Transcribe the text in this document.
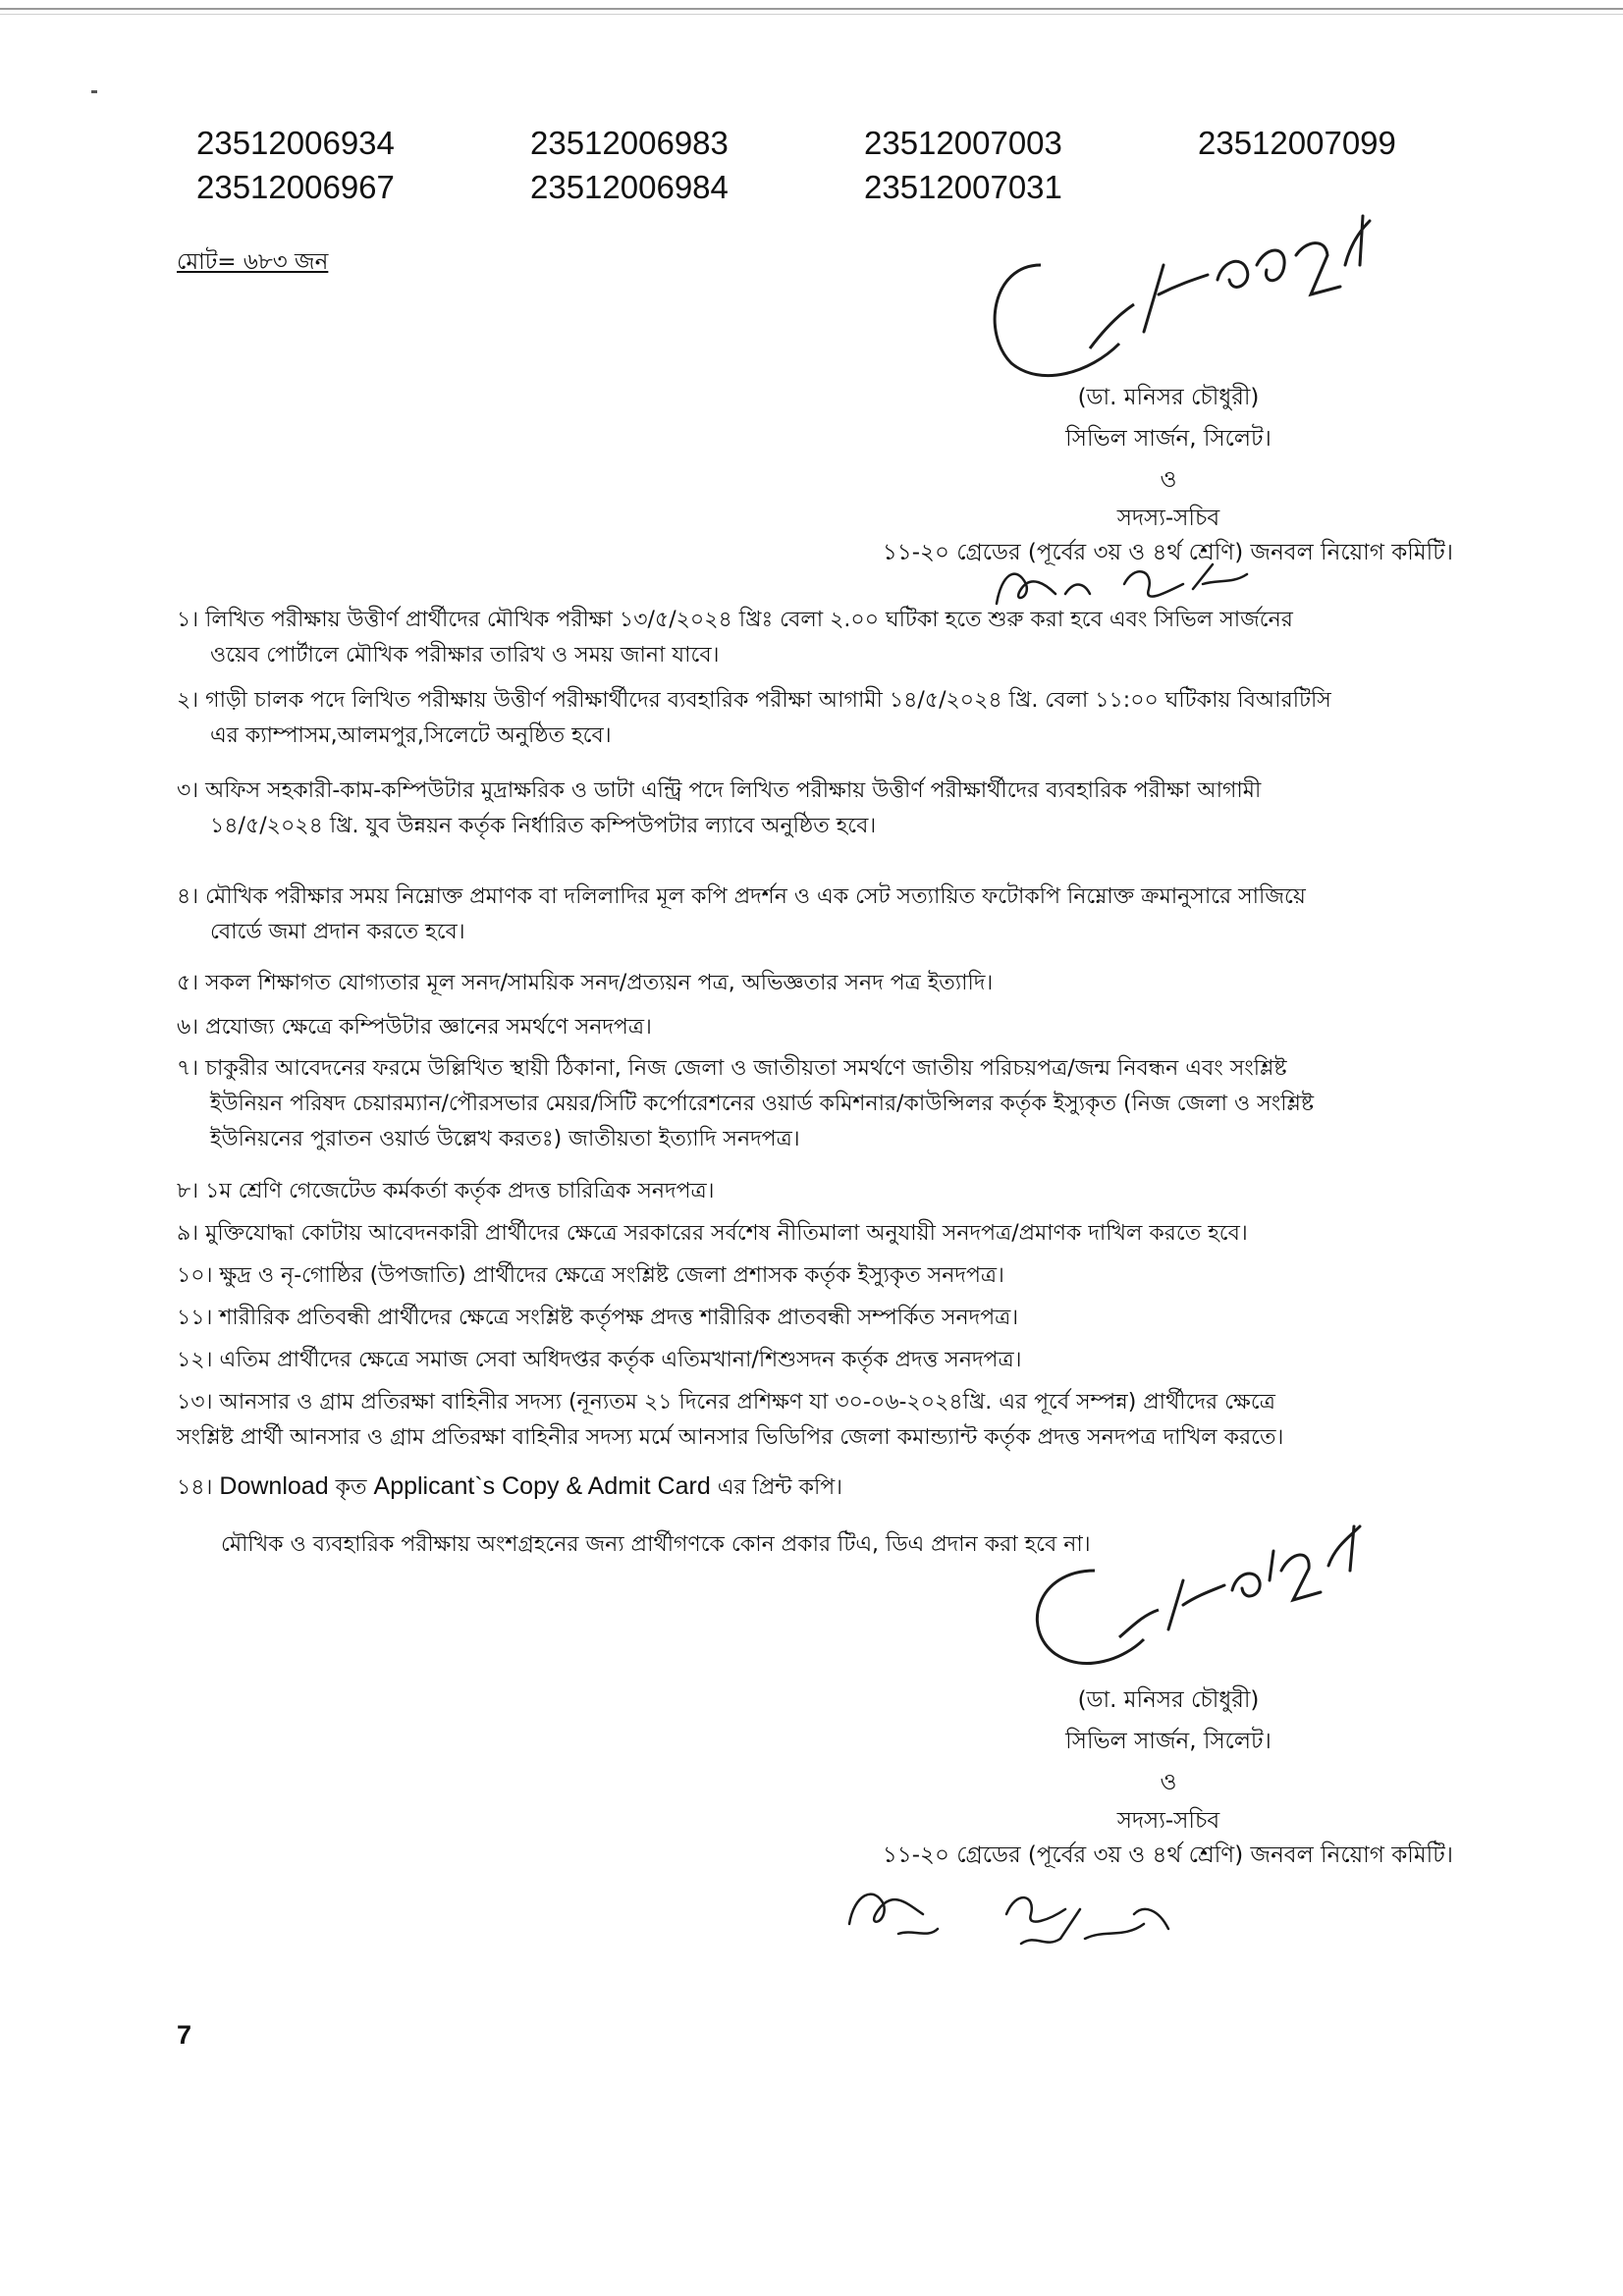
23512006934	23512006983	23512007003	23512007099
23512006967	23512006984	23512007031
মোট= ৬৮৩ জন
(ডা. মনিসর চৌধুরী)
সিভিল সার্জন, সিলেট।
ও
সদস্য-সচিব
১১-২০ গ্রেডের (পূর্বের ৩য় ও ৪র্থ শ্রেণি) জনবল নিয়োগ কমিটি।
১। লিখিত পরীক্ষায় উত্তীর্ণ প্রার্থীদের মৌখিক পরীক্ষা ১৩/৫/২০২৪ খ্রিঃ বেলা ২.০০ ঘটিকা হতে শুরু করা হবে এবং সিভিল সার্জনের
ওয়েব পোর্টালে মৌখিক পরীক্ষার তারিখ ও সময় জানা যাবে।
২। গাড়ী চালক পদে লিখিত পরীক্ষায় উত্তীর্ণ পরীক্ষার্থীদের ব্যবহারিক পরীক্ষা আগামী ১৪/৫/২০২৪ খ্রি. বেলা ১১:০০ ঘটিকায় বিআরটিসি
এর ক্যাম্পাসম,আলমপুর,সিলেটে অনুষ্ঠিত হবে।
৩। অফিস সহকারী-কাম-কম্পিউটার মুদ্রাক্ষরিক ও ডাটা এন্ট্রি পদে লিখিত পরীক্ষায় উত্তীর্ণ পরীক্ষার্থীদের ব্যবহারিক পরীক্ষা আগামী
১৪/৫/২০২৪ খ্রি. যুব উন্নয়ন কর্তৃক নির্ধারিত কম্পিউপটার ল্যাবে অনুষ্ঠিত হবে।
৪। মৌখিক পরীক্ষার সময় নিম্নোক্ত প্রমাণক বা দলিলাদির মূল কপি প্রদর্শন ও এক সেট সত্যায়িত ফটোকপি নিম্নোক্ত ক্রমানুসারে সাজিয়ে
বোর্ডে জমা প্রদান করতে হবে।
৫। সকল শিক্ষাগত যোগ্যতার মূল সনদ/সাময়িক সনদ/প্রত্যয়ন পত্র, অভিজ্ঞতার সনদ পত্র ইত্যাদি।
৬। প্রযোজ্য ক্ষেত্রে কম্পিউটার জ্ঞানের সমর্থণে সনদপত্র।
৭। চাকুরীর আবেদনের ফরমে উল্লিখিত স্থায়ী ঠিকানা, নিজ জেলা ও জাতীয়তা সমর্থণে জাতীয় পরিচয়পত্র/জন্ম নিবন্ধন এবং সংশ্লিষ্ট
ইউনিয়ন পরিষদ চেয়ারম্যান/পৌরসভার মেয়র/সিটি কর্পোরেশনের ওয়ার্ড কমিশনার/কাউন্সিলর কর্তৃক ইস্যুকৃত (নিজ জেলা ও সংশ্লিষ্ট
ইউনিয়নের পুরাতন ওয়ার্ড উল্লেখ করতঃ) জাতীয়তা ইত্যাদি সনদপত্র।
৮। ১ম শ্রেণি গেজেটেড কর্মকর্তা কর্তৃক প্রদত্ত চারিত্রিক সনদপত্র।
৯। মুক্তিযোদ্ধা কোটায় আবেদনকারী প্রার্থীদের ক্ষেত্রে সরকারের সর্বশেষ নীতিমালা অনুযায়ী সনদপত্র/প্রমাণক দাখিল করতে হবে।
১০। ক্ষুদ্র ও নৃ-গোষ্ঠির (উপজাতি) প্রার্থীদের ক্ষেত্রে সংশ্লিষ্ট জেলা প্রশাসক কর্তৃক ইস্যুকৃত সনদপত্র।
১১। শারীরিক প্রতিবন্ধী প্রার্থীদের ক্ষেত্রে সংশ্লিষ্ট কর্তৃপক্ষ প্রদত্ত শারীরিক প্রাতবন্ধী সম্পর্কিত সনদপত্র।
১২। এতিম প্রার্থীদের ক্ষেত্রে সমাজ সেবা অধিদপ্তর কর্তৃক এতিমখানা/শিশুসদন কর্তৃক প্রদত্ত সনদপত্র।
১৩। আনসার ও গ্রাম প্রতিরক্ষা বাহিনীর সদস্য (নূন্যতম ২১ দিনের প্রশিক্ষণ যা ৩০-০৬-২০২৪খ্রি. এর পূর্বে সম্পন্ন) প্রার্থীদের ক্ষেত্রে
সংশ্লিষ্ট প্রার্থী আনসার ও গ্রাম প্রতিরক্ষা বাহিনীর সদস্য মর্মে আনসার ভিডিপির জেলা কমান্ড্যান্ট কর্তৃক প্রদত্ত সনদপত্র দাখিল করতে।
১৪। Download কৃত Applicant`s Copy & Admit Card এর প্রিন্ট কপি।
মৌখিক ও ব্যবহারিক পরীক্ষায় অংশগ্রহনের জন্য প্রার্থীগণকে কোন প্রকার টিএ, ডিএ প্রদান করা হবে না।
(ডা. মনিসর চৌধুরী)
সিভিল সার্জন, সিলেট।
ও
সদস্য-সচিব
১১-২০ গ্রেডের (পূর্বের ৩য় ও ৪র্থ শ্রেণি) জনবল নিয়োগ কমিটি।
7
